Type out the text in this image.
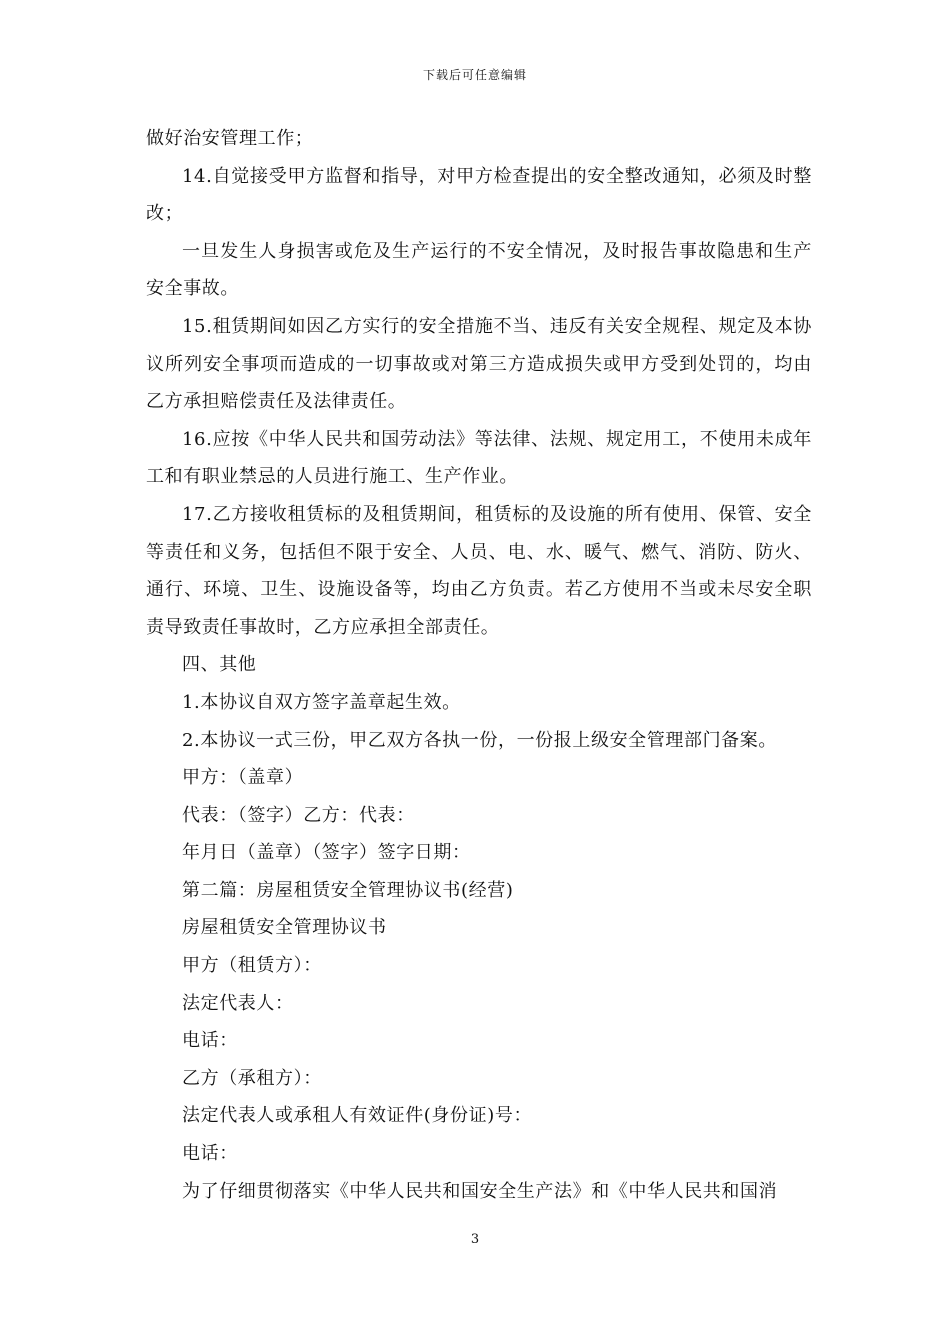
下载后可任意编辑

做好治安管理工作；

14.自觉接受甲方监督和指导，对甲方检查提出的安全整改通知，必须及时整改；

一旦发生人身损害或危及生产运行的不安全情况，及时报告事故隐患和生产安全事故。

15.租赁期间如因乙方实行的安全措施不当、违反有关安全规程、规定及本协议所列安全事项而造成的一切事故或对第三方造成损失或甲方受到处罚的，均由乙方承担赔偿责任及法律责任。

16.应按《中华人民共和国劳动法》等法律、法规、规定用工，不使用未成年工和有职业禁忌的人员进行施工、生产作业。

17.乙方接收租赁标的及租赁期间，租赁标的及设施的所有使用、保管、安全等责任和义务，包括但不限于安全、人员、电、水、暖气、燃气、消防、防火、通行、环境、卫生、设施设备等，均由乙方负责。若乙方使用不当或未尽安全职责导致责任事故时，乙方应承担全部责任。

四、其他

1.本协议自双方签字盖章起生效。

2.本协议一式三份，甲乙双方各执一份，一份报上级安全管理部门备案。

甲方：（盖章）

代表：（签字）乙方：代表：

年月日（盖章）（签字）签字日期：

第二篇：房屋租赁安全管理协议书(经营)

房屋租赁安全管理协议书

甲方（租赁方）：

法定代表人：

电话：

乙方（承租方）：

法定代表人或承租人有效证件(身份证)号：

电话：

为了仔细贯彻落实《中华人民共和国安全生产法》和《中华人民共和国消

3
